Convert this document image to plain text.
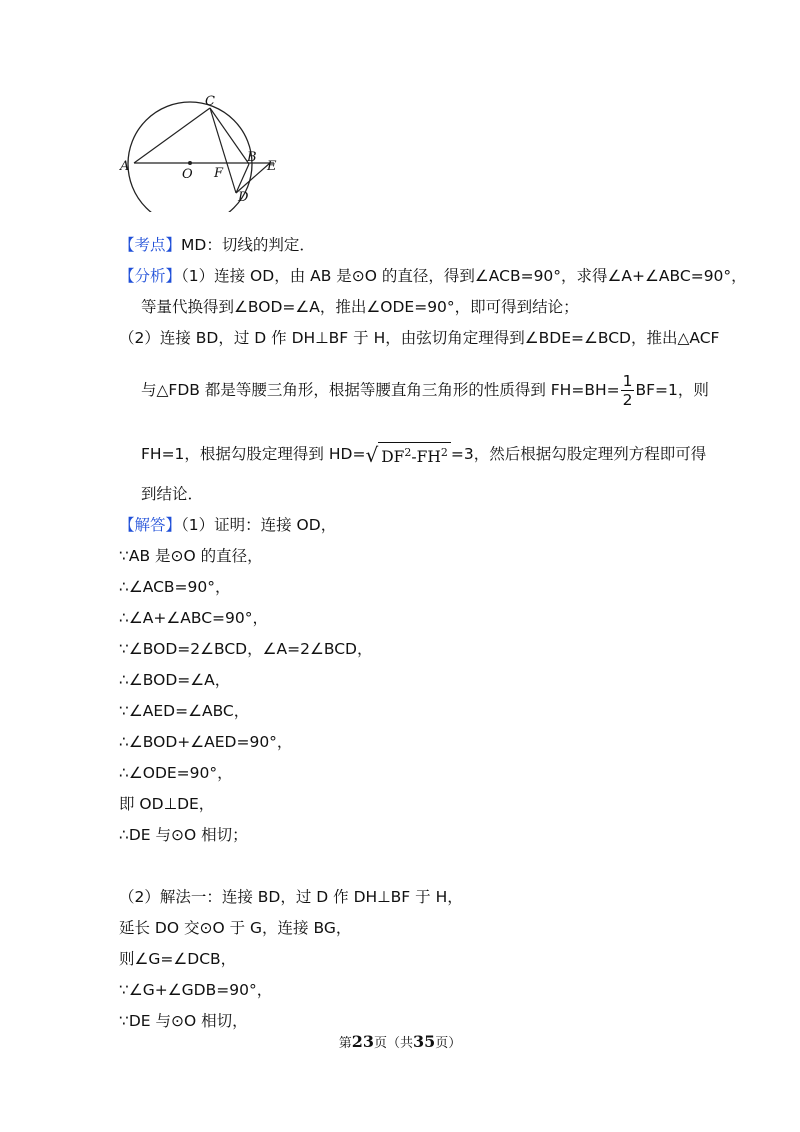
C
A
O F
B
E
D
【考点】MD：切线的判定．
【分析】（1）连接 OD，由 AB 是⊙O 的直径，得到∠ACB=90°，求得∠A+∠ABC=90°，
等量代换得到∠BOD=∠A，推出∠ODE=90°，即可得到结论；
（2）连接 BD，过 D 作 DH⊥BF 于 H，由弦切角定理得到∠BDE=∠BCD，推出△ACF
与△FDB 都是等腰三角形，根据等腰直角三角形的性质得到 $FH=BH= \frac{1}{2} BF=1$，则
FH=1，根据勾股定理得到 HD=√ $DF^2-FH^2 =3$，然后根据勾股定理列方程即可得
到结论．
【解答】（1）证明：连接 OD，
∵AB 是⊙O 的直径，
∴∠ACB=90°，
∴∠A+∠ABC=90°，
∵∠BOD=2∠BCD，∠A=2∠BCD，
∴∠BOD=∠A，
∵∠AED=∠ABC，
∴∠BOD+∠AED=90°，
∴∠ODE=90°，
即 OD⊥DE，
∴DE 与⊙O 相切；
（2）解法一：连接 BD，过 D 作 DH⊥BF 于 H，
延长 DO 交⊙O 于 G，连接 BG，
则∠G=∠DCB，
∵∠G+∠GDB=90°，
∵DE 与⊙O 相切，
第23页（共35页）
